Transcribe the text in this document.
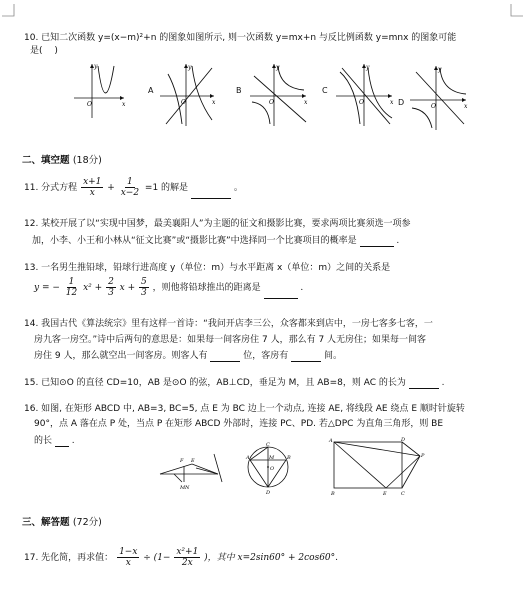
10. 已知二次函数 y=(x−m)²+n 的图象如图所示, 则一次函数 y=mx+n 与反比例函数 y=mnx 的图象可能
是(　 )
O	x
y
A
O	x
y
B
O	x
y
C
O	x
y
D	O	x
y
二、填空题 (18分)
11. 分式方程 $\frac{x+1}{x} + \frac{1}{x-2} =1$ 的解是	。
12. 某校开展了以“实现中国梦，最美襄阳人”为主题的征文和摄影比赛，要求两项比赛须选一项参
加，小李、小王和小林从“征文比赛”或“摄影比赛”中选择同一个比赛项目的概率是	.
13. 一名男生推铅球，铅球行进高度 y（单位：m）与水平距离 x（单位：m）之间的关系是
y = − $\frac{1}{12} x^2 + \frac{2}{3}$ $x + \frac{5}{3}$ ，则他将铅球推出的距离是	.
14. 我国古代《算法统宗》里有这样一首诗：“我问开店李三公，众客都来到店中，一房七客多七客，一
房九客一房空。”诗中后两句的意思是：如果每一间客房住 7 人，那么有 7 人无房住；如果每一间客
房住 9 人，那么就空出一间客房。则客人有	位，客房有	间。
15. 已知⊙O 的直径 CD=10，AB 是⊙O 的弦，AB⊥CD，垂足为 M，且 AB=8，则 AC 的长为	.
16. 如图, 在矩形 ABCD 中, AB=3, BC=5, 点 E 为 BC 边上一个动点, 连接 AE, 将线段 AE 绕点 E 顺时针旋转
90°，点 A 落在点 P 处，当点 P 在矩形 ABCD 外部时，连接 PC、PD. 若△DPC 为直角三角形，则 BE
的长 .
F E
M N
A	B
C
D
O
M
A	D
P
B	E	C
三、解答题 (72分)
17. 先化简，再求值： $\frac{1-x}{x} \div (1- \frac{\text{x²+1}}{2x}$ )，其中 x=2sin60° + 2cos60°.
